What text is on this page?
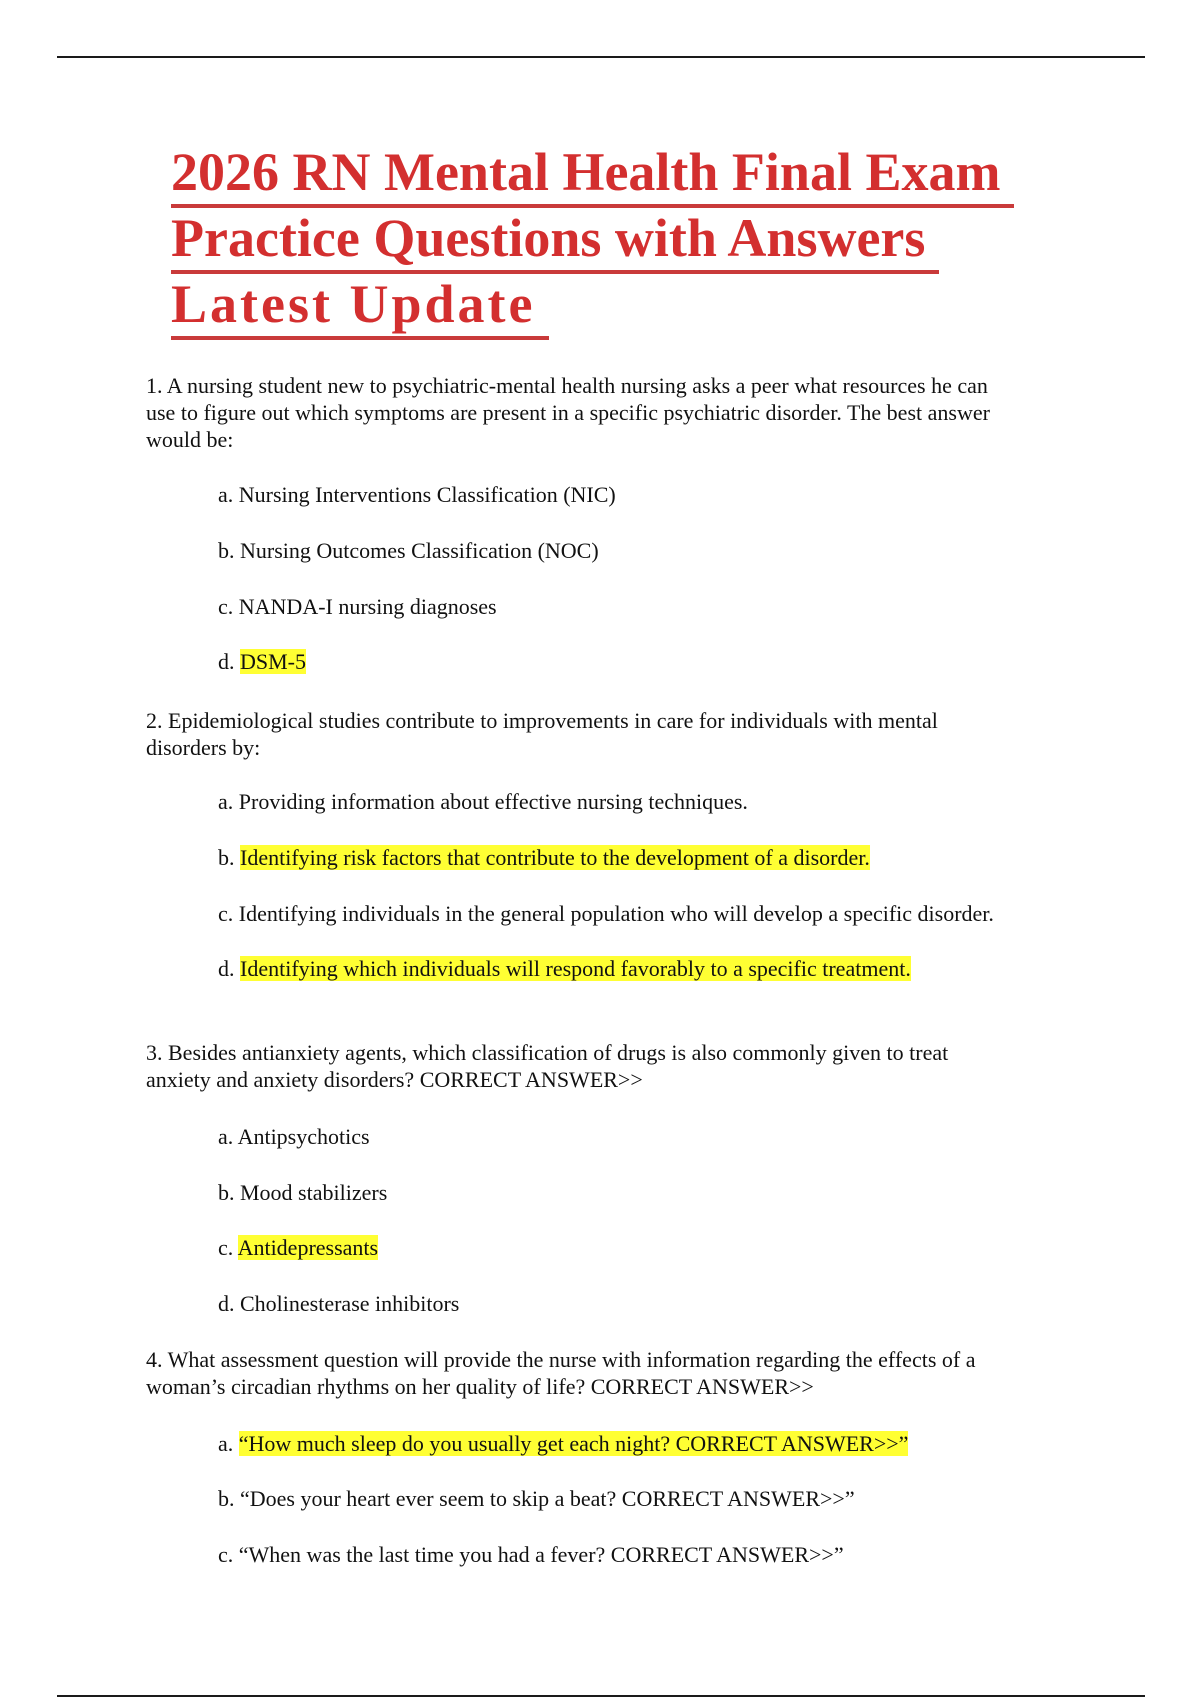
2026 RN Mental Health Final Exam
Practice Questions with Answers
Latest Update
1. A nursing student new to psychiatric-mental health nursing asks a peer what resources he can
use to figure out which symptoms are present in a specific psychiatric disorder. The best answer
would be:
a. Nursing Interventions Classification (NIC)
b. Nursing Outcomes Classification (NOC)
c. NANDA-I nursing diagnoses
d. DSM-5
2. Epidemiological studies contribute to improvements in care for individuals with mental
disorders by:
a. Providing information about effective nursing techniques.
b. Identifying risk factors that contribute to the development of a disorder.
c. Identifying individuals in the general population who will develop a specific disorder.
d. Identifying which individuals will respond favorably to a specific treatment.
3. Besides antianxiety agents, which classification of drugs is also commonly given to treat
anxiety and anxiety disorders? CORRECT ANSWER>>
a. Antipsychotics
b. Mood stabilizers
c. Antidepressants
d. Cholinesterase inhibitors
4. What assessment question will provide the nurse with information regarding the effects of a
woman’s circadian rhythms on her quality of life? CORRECT ANSWER>>
a. “How much sleep do you usually get each night? CORRECT ANSWER>>”
b. “Does your heart ever seem to skip a beat? CORRECT ANSWER>>”
c. “When was the last time you had a fever? CORRECT ANSWER>>”
